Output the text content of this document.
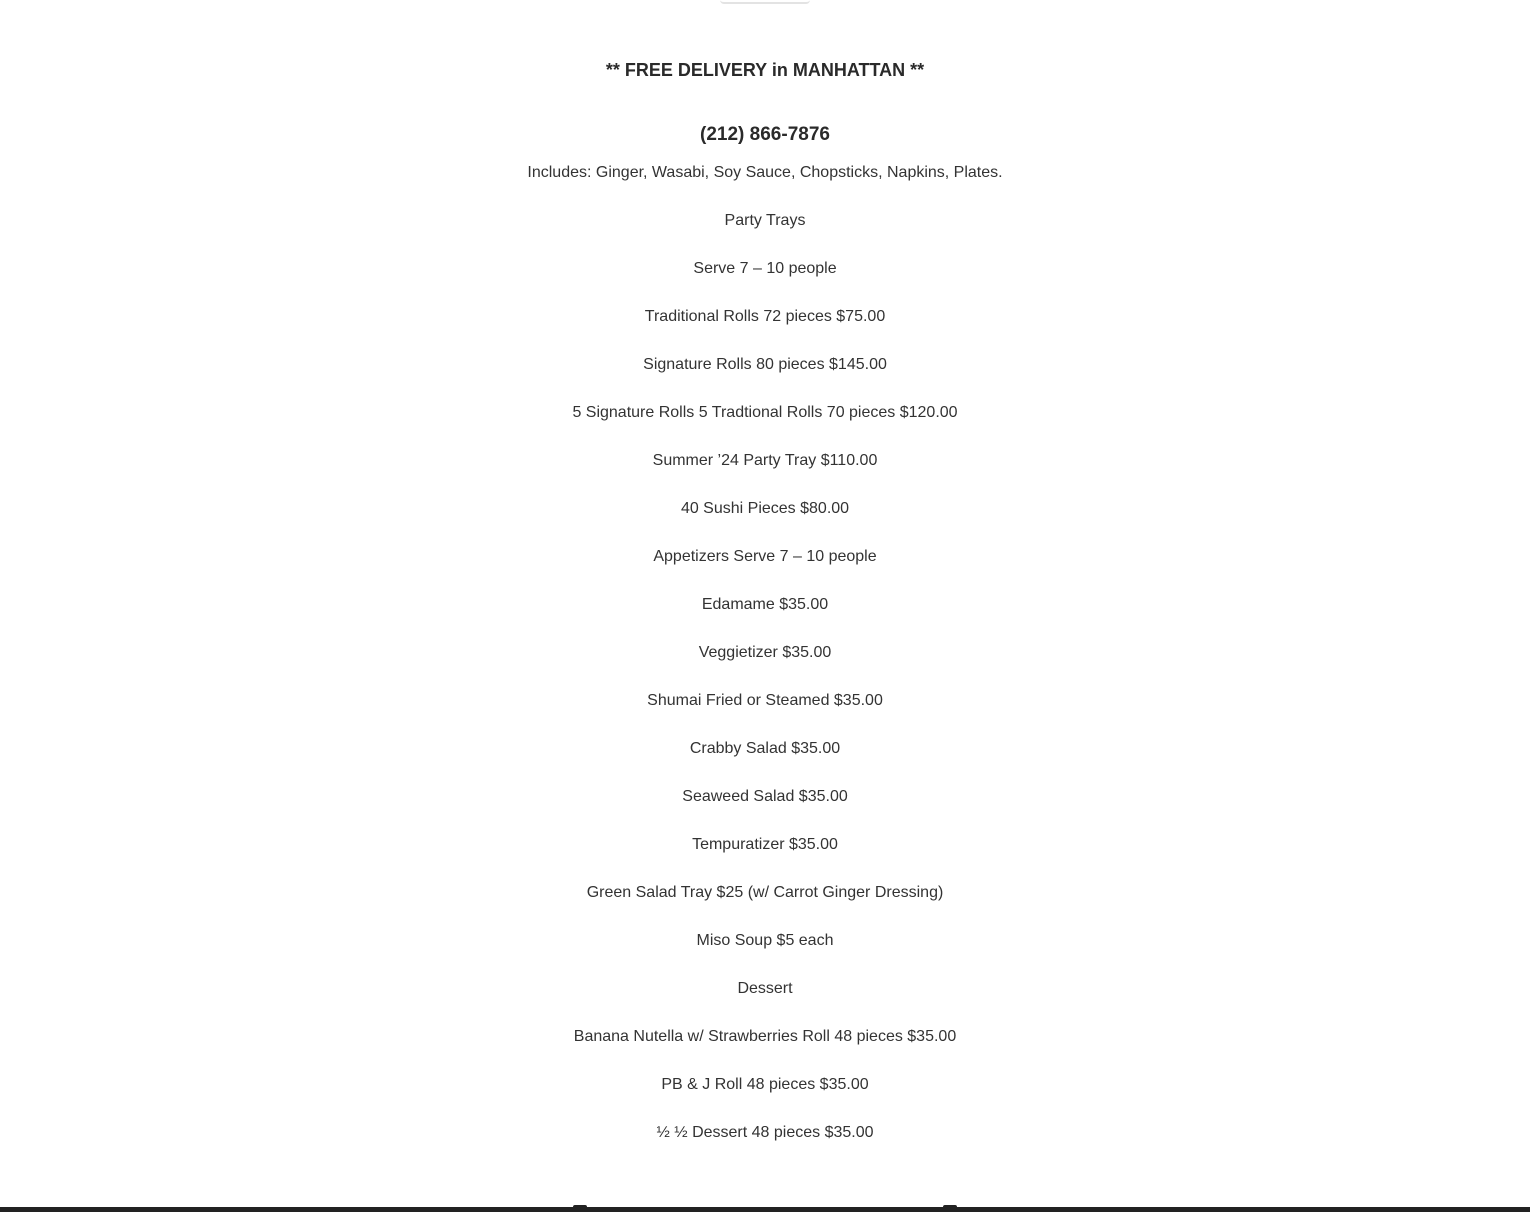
** FREE DELIVERY in MANHATTAN **
(212) 866-7876
Includes: Ginger, Wasabi, Soy Sauce, Chopsticks, Napkins, Plates.
Party Trays
Serve 7 – 10 people
Traditional Rolls 72 pieces $75.00
Signature Rolls 80 pieces $145.00
5 Signature Rolls 5 Tradtional Rolls 70 pieces $120.00
Summer ’24 Party Tray $110.00
40 Sushi Pieces $80.00
Appetizers Serve 7 – 10 people
Edamame $35.00
Veggietizer $35.00
Shumai Fried or Steamed $35.00
Crabby Salad $35.00
Seaweed Salad $35.00
Tempuratizer $35.00
Green Salad Tray $25 (w/ Carrot Ginger Dressing)
Miso Soup $5 each
Dessert
Banana Nutella w/ Strawberries Roll 48 pieces $35.00
PB & J Roll 48 pieces $35.00
½ ½ Dessert 48 pieces $35.00
